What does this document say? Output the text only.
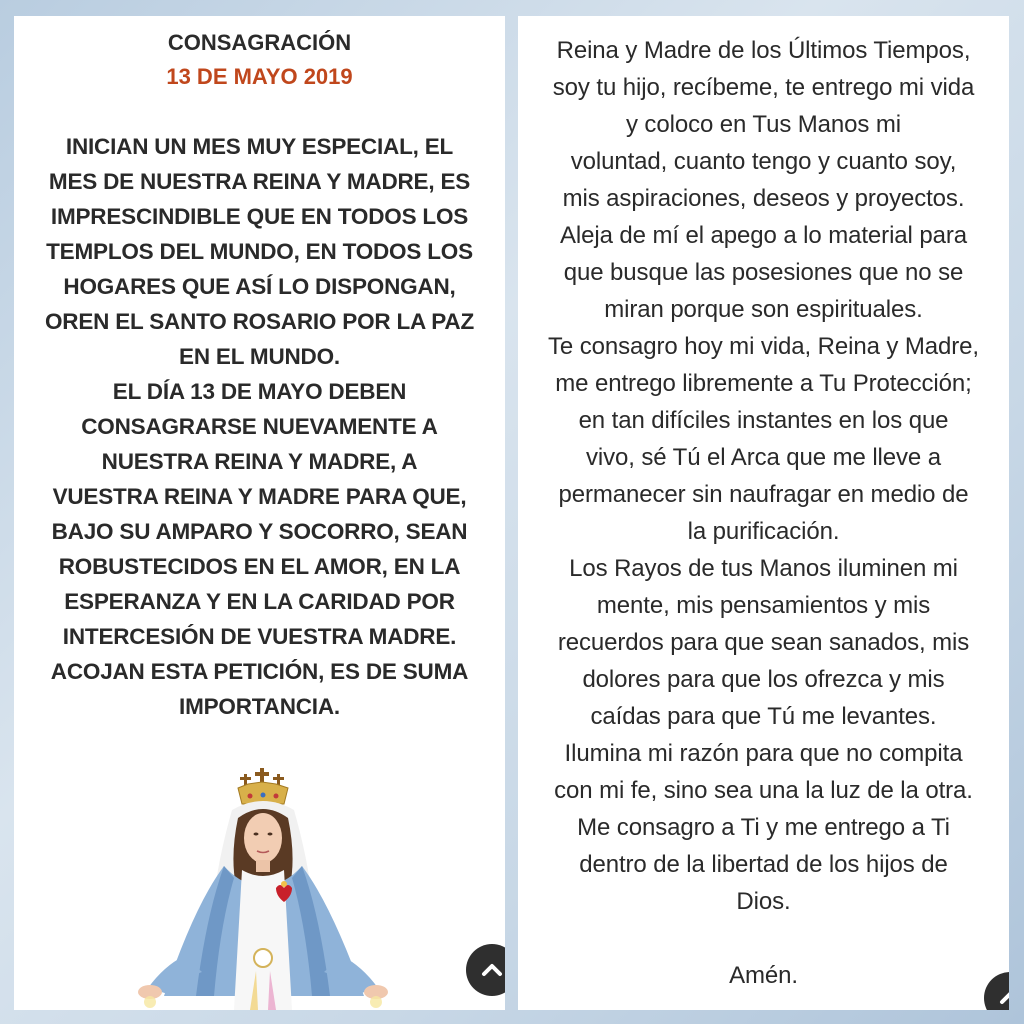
CONSAGRACIÓN
13 DE MAYO 2019
INICIAN UN MES MUY ESPECIAL, EL
MES DE NUESTRA REINA Y MADRE, ES
IMPRESCINDIBLE QUE EN TODOS LOS
TEMPLOS DEL MUNDO, EN TODOS LOS
HOGARES QUE ASÍ LO DISPONGAN,
OREN EL SANTO ROSARIO POR LA PAZ
EN EL MUNDO.
EL DÍA 13 DE MAYO DEBEN
CONSAGRARSE NUEVAMENTE A
NUESTRA REINA Y MADRE, A
VUESTRA REINA Y MADRE PARA QUE,
BAJO SU AMPARO Y SOCORRO, SEAN
ROBUSTECIDOS EN EL AMOR, EN LA
ESPERANZA Y EN LA CARIDAD POR
INTERCESIÓN DE VUESTRA MADRE.
ACOJAN ESTA PETICIÓN, ES DE SUMA
IMPORTANCIA.
Reina y Madre de los Últimos Tiempos,
soy tu hijo, recíbeme, te entrego mi vida
y coloco en Tus Manos mi
voluntad, cuanto tengo y cuanto soy,
mis aspiraciones, deseos y proyectos.
Aleja de mí el apego a lo material para
que busque las posesiones que no se
miran porque son espirituales.
Te consagro hoy mi vida, Reina y Madre,
me entrego libremente a Tu Protección;
en tan difíciles instantes en los que
vivo, sé Tú el Arca que me lleve a
permanecer sin naufragar en medio de
la purificación.
Los Rayos de tus Manos iluminen mi
mente, mis pensamientos y mis
recuerdos para que sean sanados, mis
dolores para que los ofrezca y mis
caídas para que Tú me levantes.
Ilumina mi razón para que no compita
con mi fe, sino sea una la luz de la otra.
Me consagro a Ti y me entrego a Ti
dentro de la libertad de los hijos de
Dios.

Amén.
